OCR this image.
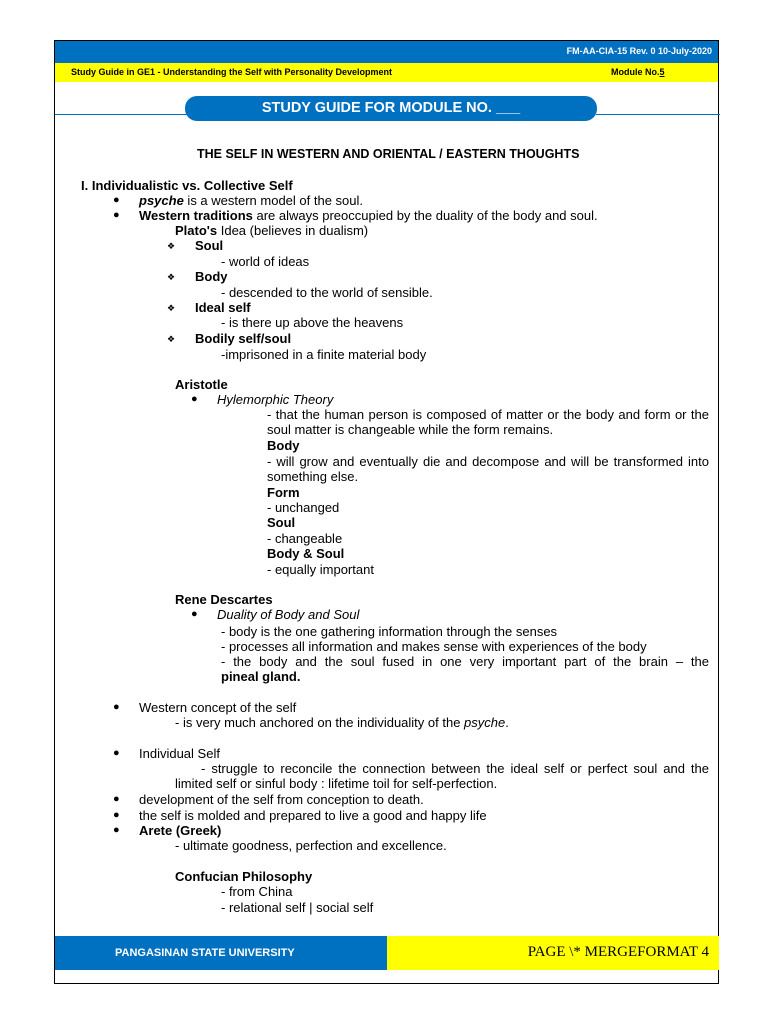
FM-AA-CIA-15 Rev. 0 10-July-2020
Study Guide in GE1 - Understanding the Self with Personality Development	Module No.5
STUDY GUIDE FOR MODULE NO. ___
THE SELF IN WESTERN AND ORIENTAL / EASTERN THOUGHTS
I. Individualistic vs. Collective Self
● psyche is a western model of the soul.
● Western traditions are always preoccupied by the duality of the body and soul.
Plato's Idea (believes in dualism)
❖ Soul
- world of ideas
❖ Body
- descended to the world of sensible.
❖ Ideal self
- is there up above the heavens
❖ Bodily self/soul
-imprisoned in a finite material body
Aristotle
● Hylemorphic Theory
- that the human person is composed of matter or the body and form or the soul matter is changeable while the form remains.
Body
- will grow and eventually die and decompose and will be transformed into something else.
Form
- unchanged
Soul
- changeable
Body & Soul
- equally important
Rene Descartes
● Duality of Body and Soul
- body is the one gathering information through the senses
- processes all information and makes sense with experiences of the body
- the body and the soul fused in one very important part of the brain – the
pineal gland.
● Western concept of the self
- is very much anchored on the individuality of the psyche.
● Individual Self
- struggle to reconcile the connection between the ideal self or perfect soul and the limited self or sinful body : lifetime toil for self-perfection.
● development of the self from conception to death.
● the self is molded and prepared to live a good and happy life
● Arete (Greek)
- ultimate goodness, perfection and excellence.
Confucian Philosophy
- from China
- relational self | social self
PANGASINAN STATE UNIVERSITY	PAGE \* MERGEFORMAT 4
